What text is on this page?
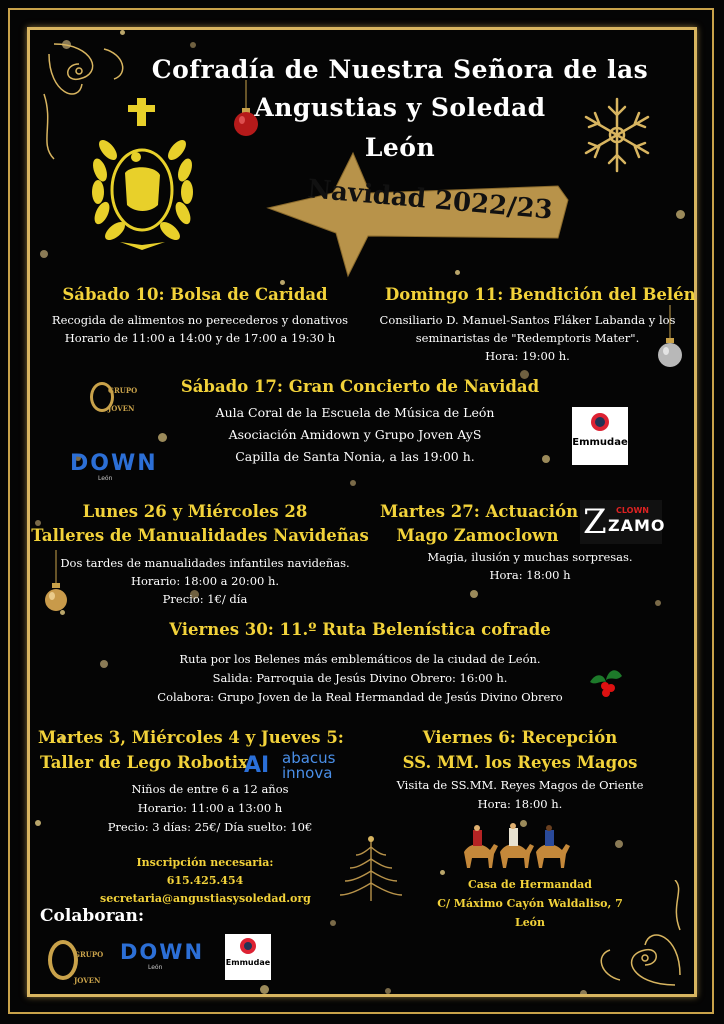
Cofradía de Nuestra Señora de las
Angustias y Soledad
León
Navidad 2022/23
Sábado 10: Bolsa de Caridad
Recogida de alimentos no perecederos y donativos
Horario de 11:00 a 14:00 y de 17:00 a 19:30 h
Domingo 11: Bendición del Belén
Consiliario D. Manuel-Santos Fláker Labanda y los
seminaristas de "Redemptoris Mater".
Hora: 19:00 h.
Sábado 17: Gran Concierto de Navidad
Aula Coral de la Escuela de Música de León
Asociación Amidown y Grupo Joven AyS
Capilla de Santa Nonia, a las 19:00 h.
GRUPO
JOVEN
DOWN
León
Emmudae
Lunes 26 y Miércoles 28
Talleres de Manualidades Navideñas
Dos tardes de manualidades infantiles navideñas.
Horario: 18:00 a 20:00 h.
Precio: 1€/ día
Martes 27: Actuación
Mago Zamoclown
Magia, ilusión y muchas sorpresas.
Hora: 18:00 h
Z CLOWN
ZAMO
Viernes 30: 11.º Ruta Belenística cofrade
Ruta por los Belenes más emblemáticos de la ciudad de León.
Salida: Parroquia de Jesús Divino Obrero: 16:00 h.
Colabora: Grupo Joven de la Real Hermandad de Jesús Divino Obrero
Martes 3, Miércoles 4 y Jueves 5:
Taller de Lego Robotix
Niños de entre 6 a 12 años
Horario: 11:00 a 13:00 h
Precio: 3 días: 25€/ Día suelto: 10€
AI abacus
innova
Viernes 6: Recepción
SS. MM. los Reyes Magos
Visita de SS.MM. Reyes Magos de Oriente
Hora: 18:00 h.
Inscripción necesaria:
615.425.454
secretaria@angustiasysoledad.org
Casa de Hermandad
C/ Máximo Cayón Waldaliso, 7
León
Colaboran:
GRUPO
JOVEN
DOWN
León
Emmudae
